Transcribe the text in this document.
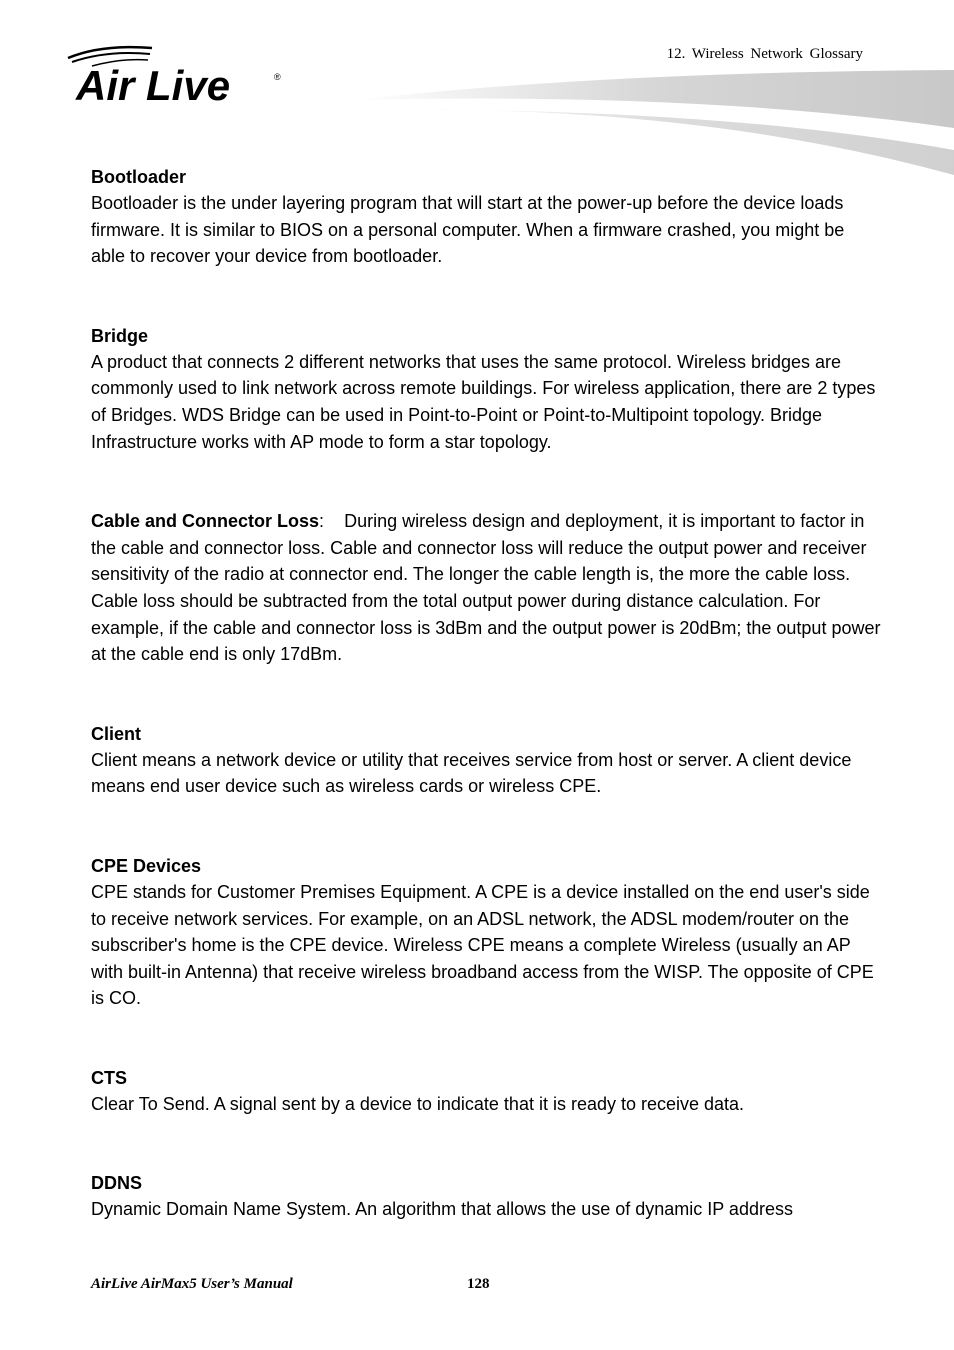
Air Live	®
12. Wireless Network Glossary
Bootloader
Bootloader is the under layering program that will start at the power-up before the device loads firmware. It is similar to BIOS on a personal computer. When a firmware crashed, you might be able to recover your device from bootloader.
Bridge
A product that connects 2 different networks that uses the same protocol. Wireless bridges are commonly used to link network across remote buildings. For wireless application, there are 2 types of Bridges. WDS Bridge can be used in Point-to-Point or Point-to-Multipoint topology. Bridge Infrastructure works with AP mode to form a star topology.
Cable and Connector Loss: During wireless design and deployment, it is important to factor in the cable and connector loss. Cable and connector loss will reduce the output power and receiver sensitivity of the radio at connector end. The longer the cable length is, the more the cable loss. Cable loss should be subtracted from the total output power during distance calculation. For example, if the cable and connector loss is 3dBm and the output power is 20dBm; the output power at the cable end is only 17dBm.
Client
Client means a network device or utility that receives service from host or server. A client device means end user device such as wireless cards or wireless CPE.
CPE Devices
CPE stands for Customer Premises Equipment. A CPE is a device installed on the end user's side to receive network services. For example, on an ADSL network, the ADSL modem/router on the subscriber's home is the CPE device. Wireless CPE means a complete Wireless (usually an AP with built-in Antenna) that receive wireless broadband access from the WISP. The opposite of CPE is CO.
CTS
Clear To Send. A signal sent by a device to indicate that it is ready to receive data.
DDNS
Dynamic Domain Name System. An algorithm that allows the use of dynamic IP address
AirLive AirMax5 User’s Manual	128
